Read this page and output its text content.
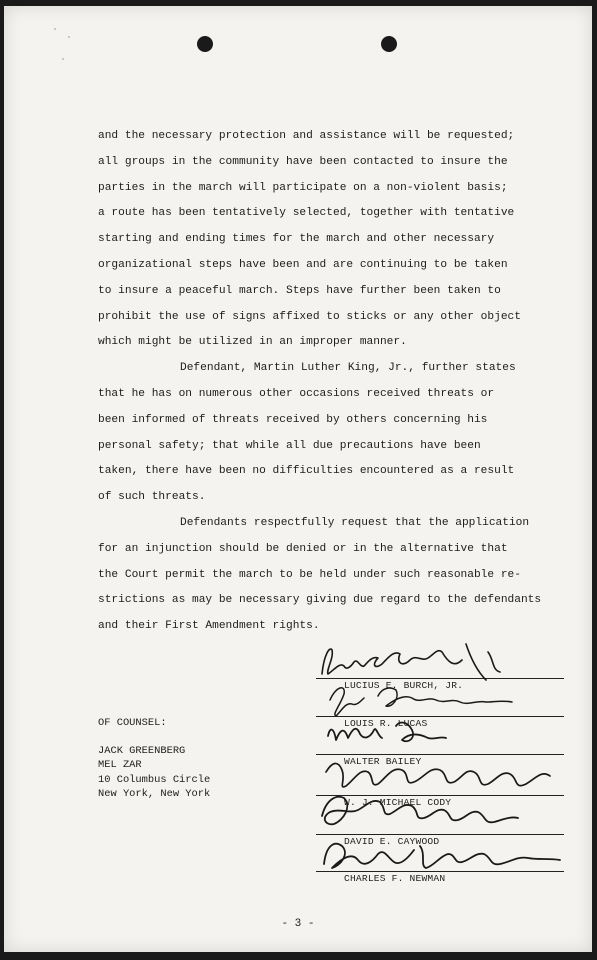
and the necessary protection and assistance will be requested;
all groups in the community have been contacted to insure the
parties in the march will participate on a non-violent basis;
a route has been tentatively selected, together with tentative
starting and ending times for the march and other necessary
organizational steps have been and are continuing to be taken
to insure a peaceful march. Steps have further been taken to
prohibit the use of signs affixed to sticks or any other object
which might be utilized in an improper manner.
Defendant, Martin Luther King, Jr., further states
that he has on numerous other occasions received threats or
been informed of threats received by others concerning his
personal safety; that while all due precautions have been
taken, there have been no difficulties encountered as a result
of such threats.
Defendants respectfully request that the application
for an injunction should be denied or in the alternative that
the Court permit the march to be held under such reasonable re-
strictions as may be necessary giving due regard to the defendants
and their First Amendment rights.
LUCIUS E. BURCH, JR.
LOUIS R. LUCAS
WALTER BAILEY
W. J. MICHAEL CODY
DAVID E. CAYWOOD
CHARLES F. NEWMAN
OF COUNSEL:
JACK GREENBERG
MEL ZAR
10 Columbus Circle
New York, New York
- 3 -
